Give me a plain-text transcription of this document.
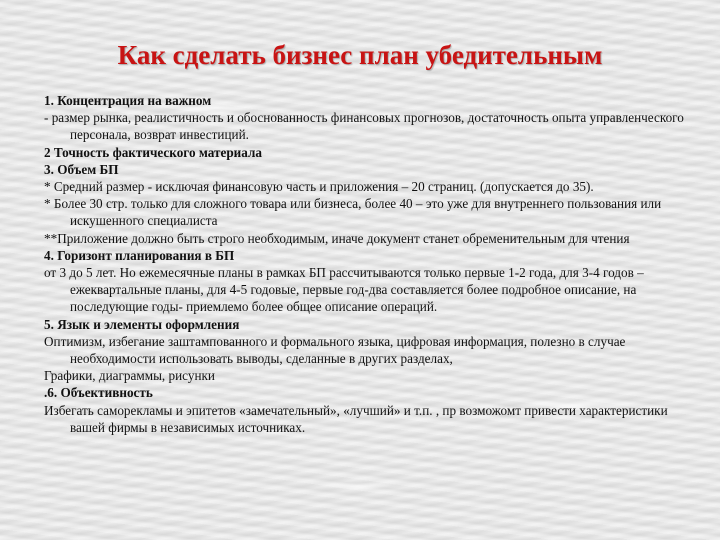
Как сделать бизнес план убедительным

1. Концентрация на важном

- размер рынка, реалистичность и обоснованность финансовых прогнозов, достаточность опыта управленческого персонала, возврат инвестиций.

2 Точность фактического материала

3. Объем БП

* Средний размер - исключая финансовую часть и приложения – 20 страниц. (допускается до 35).

* Более 30 стр. только для сложного товара или бизнеса, более 40 – это уже для внутреннего пользования или искушенного специалиста

**Приложение должно быть строго необходимым, иначе документ станет обременительным для чтения

4. Горизонт планирования в БП

от 3 до 5 лет. Но ежемесячные планы в рамках БП рассчитываются только первые 1-2 года, для 3-4 годов – ежеквартальные планы, для 4-5 годовые, первые год-два составляется более подробное описание, на последующие годы- приемлемо более общее описание операций.

5. Язык и элементы оформления

Оптимизм, избегание заштампованного и формального языка, цифровая информация, полезно в случае необходимости использовать выводы, сделанные в других разделах,

Графики, диаграммы, рисунки

.6. Объективность

Избегать саморекламы и эпитетов «замечательный», «лучший» и т.п. , пр возможомт привести характеристики вашей фирмы в независимых источниках.
